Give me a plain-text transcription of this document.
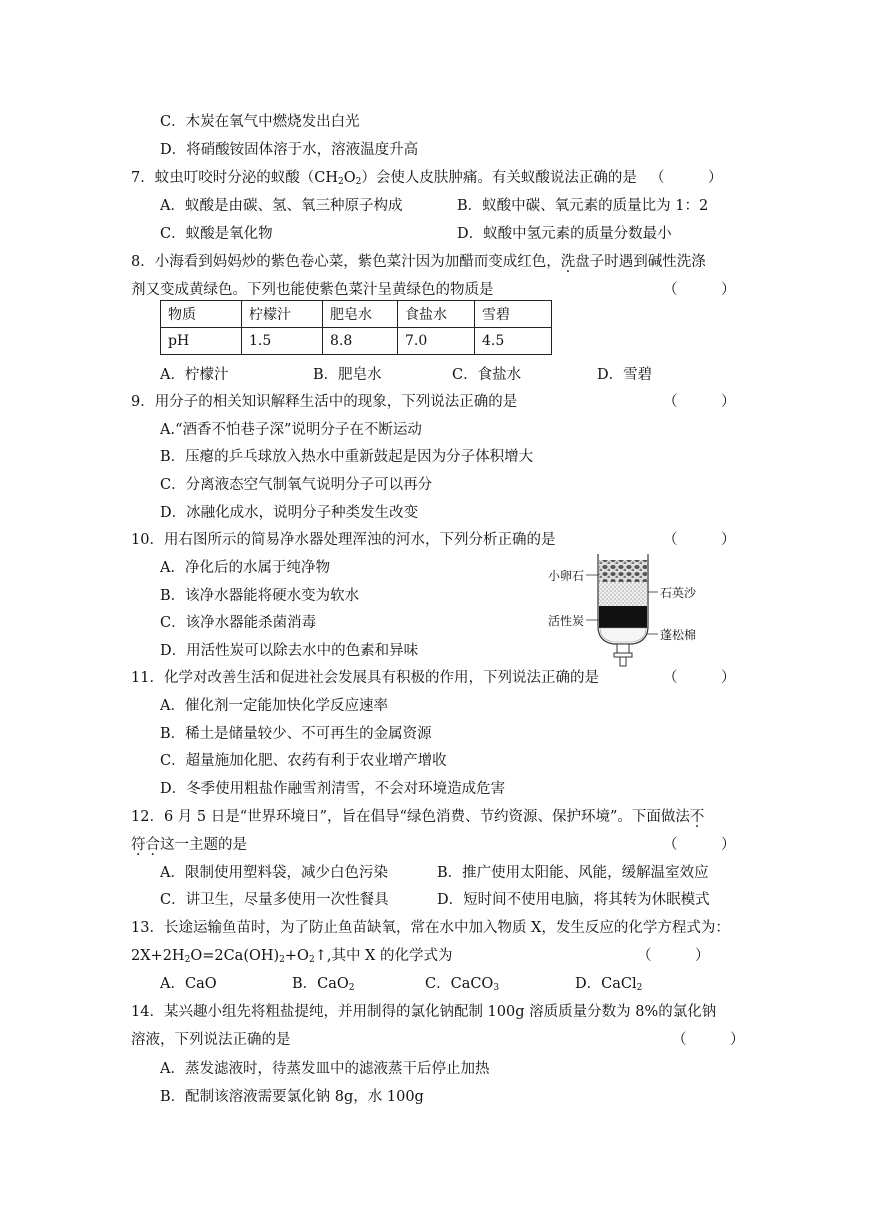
C．木炭在氧气中燃烧发出白光
D．将硝酸铵固体溶于水，溶液温度升高
7．蚊虫叮咬时分泌的蚁酸$(CH_2O_2)$会使人皮肤肿痛。有关蚁酸说法正确的是 （　　　）
A．蚁酸是由碳、氢、氧三种原子构成	B．蚁酸中碳、氧元素的质量比为 1：2
C．蚁酸是氧化物	D．蚁酸中氢元素的质量分数最小
8．小海看到妈妈炒的紫色卷心菜，紫色菜汁因为加醋而变成红色，洗盘子时遇到碱性洗涤
剂又变成黄绿色。下列也能使紫色菜汁呈黄绿色的物质是	（　　　）
物质	柠檬汁	肥皂水	食盐水	雪碧
pH	1.5	8.8	7.0	4.5
A．柠檬汁	B．肥皂水	C．食盐水	D．雪碧
9．用分子的相关知识解释生活中的现象，下列说法正确的是	（　　　）
A.“酒香不怕巷子深”说明分子在不断运动
B．压瘪的乒乓球放入热水中重新鼓起是因为分子体积增大
C．分离液态空气制氧气说明分子可以再分
D．冰融化成水，说明分子种类发生改变
10．用右图所示的简易净水器处理浑浊的河水，下列分析正确的是	（　　　）
A．净化后的水属于纯净物
B．该净水器能将硬水变为软水
C．该净水器能杀菌消毒
D．用活性炭可以除去水中的色素和异味
小卵石
石英沙
活性炭
蓬松棉
11．化学对改善生活和促进社会发展具有积极的作用，下列说法正确的是	（　　　）
A．催化剂一定能加快化学反应速率
B．稀土是储量较少、不可再生的金属资源
C．超量施加化肥、农药有利于农业增产增收
D．冬季使用粗盐作融雪剂清雪，不会对环境造成危害
12．6 月 5 日是“世界环境日”，旨在倡导“绿色消费、节约资源、保护环境”。下面做法不
符合这一主题的是	（　　　）
A．限制使用塑料袋，减少白色污染	B．推广使用太阳能、风能，缓解温室效应
C．讲卫生，尽量多使用一次性餐具	D．短时间不使用电脑，将其转为休眠模式
13．长途运输鱼苗时，为了防止鱼苗缺氧，常在水中加入物质 X，发生反应的化学方程式为：
$2X+2H_2O=2Ca(OH)_2+O_2↑$,其中 X 的化学式为	（　　　）
A．CaO	B．CaO$_2$	C．CaCO$_3$	D．CaCl$_2$
14．某兴趣小组先将粗盐提纯，并用制得的氯化钠配制 100g 溶质质量分数为 8%的氯化钠
溶液，下列说法正确的是	（　　　）
A．蒸发滤液时，待蒸发皿中的滤液蒸干后停止加热
B．配制该溶液需要氯化钠 8g，水 100g
